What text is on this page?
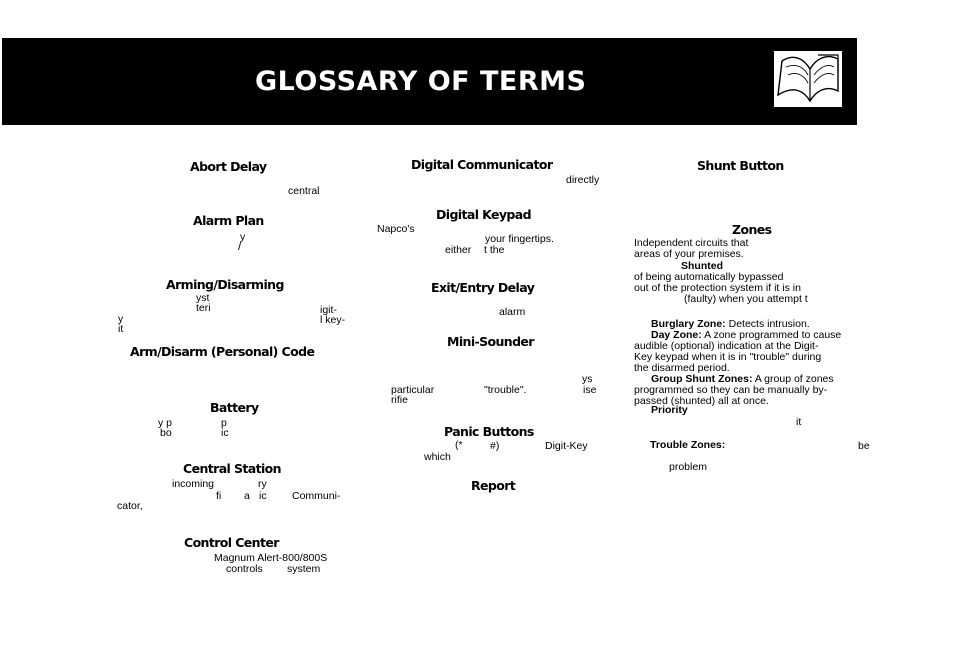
GLOSSARY OF TERMS
Abort Delay
central
Alarm Plan
y
/
Arming/Disarming
yst
teri	igit-
l key-
y
it
Arm/Disarm (Personal) Code
Battery
y p	p
bo	ic
Central Station
incoming	ry
fi a ic Communi-
cator,
Control Center
Magnum Alert-800/800S
controls system
Digital Communicator
directly
Digital Keypad
Napco's
your fingertips.
either t the
Exit/Entry Delay
alarm
Mini-Sounder
ys
particular	"trouble".	ise
rifie
Panic Buttons
(*	#)	Digit-Key
which
Report
Shunt Button
Zones
Independent circuits that
areas of your premises.
Shunted
of being automatically bypassed
out of the protection system if it is in
(faulty) when you attempt t
Burglary Zone: Detects intrusion.
Day Zone: A zone programmed to cause
audible (optional) indication at the Digit-
Key keypad when it is in "trouble" during
the disarmed period.
Group Shunt Zones: A group of zones
programmed so they can be manually by-
passed (shunted) all at once.
Priority
it
Trouble Zones:	be
problem
